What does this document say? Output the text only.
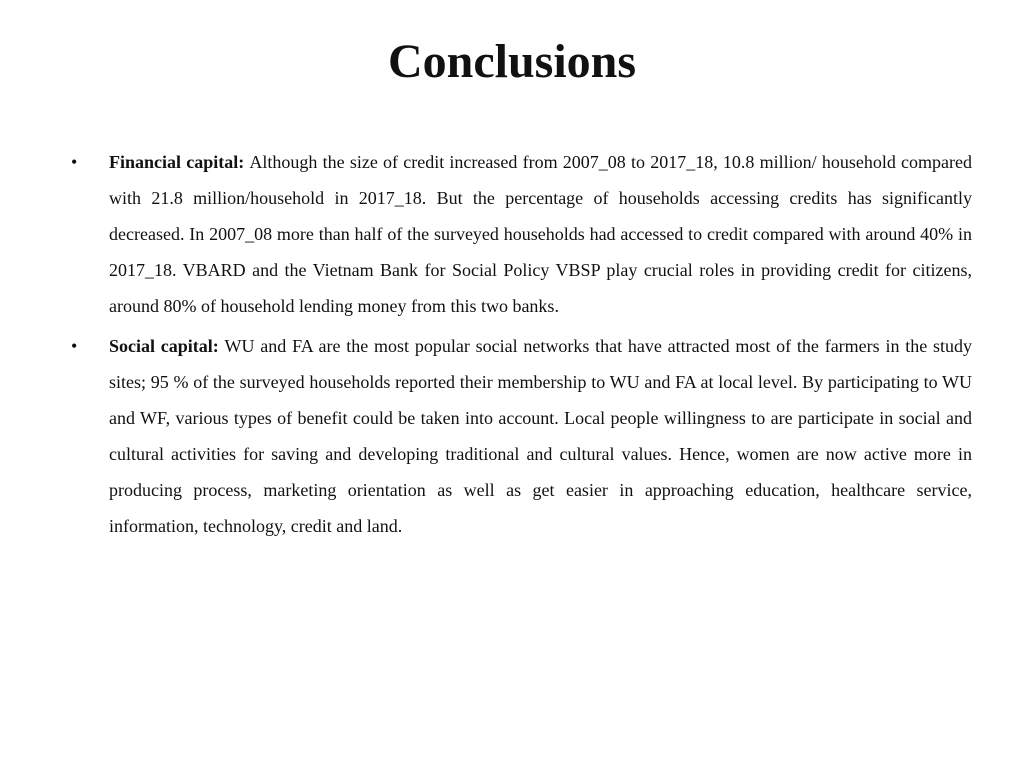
Conclusions
• Financial capital: Although the size of credit increased from 2007_08 to 2017_18, 10.8 million/ household compared with 21.8 million/household in 2017_18. But the percentage of households accessing credits has significantly decreased. In 2007_08 more than half of the surveyed households had accessed to credit compared with around 40% in 2017_18. VBARD and the Vietnam Bank for Social Policy VBSP play crucial roles in providing credit for citizens, around 80% of household lending money from this two banks.
• Social capital: WU and FA are the most popular social networks that have attracted most of the farmers in the study sites; 95 % of the surveyed households reported their membership to WU and FA at local level. By participating to WU and WF, various types of benefit could be taken into account. Local people willingness to are participate in social and cultural activities for saving and developing traditional and cultural values. Hence, women are now active more in producing process, marketing orientation as well as get easier in approaching education, healthcare service, information, technology, credit and land.
